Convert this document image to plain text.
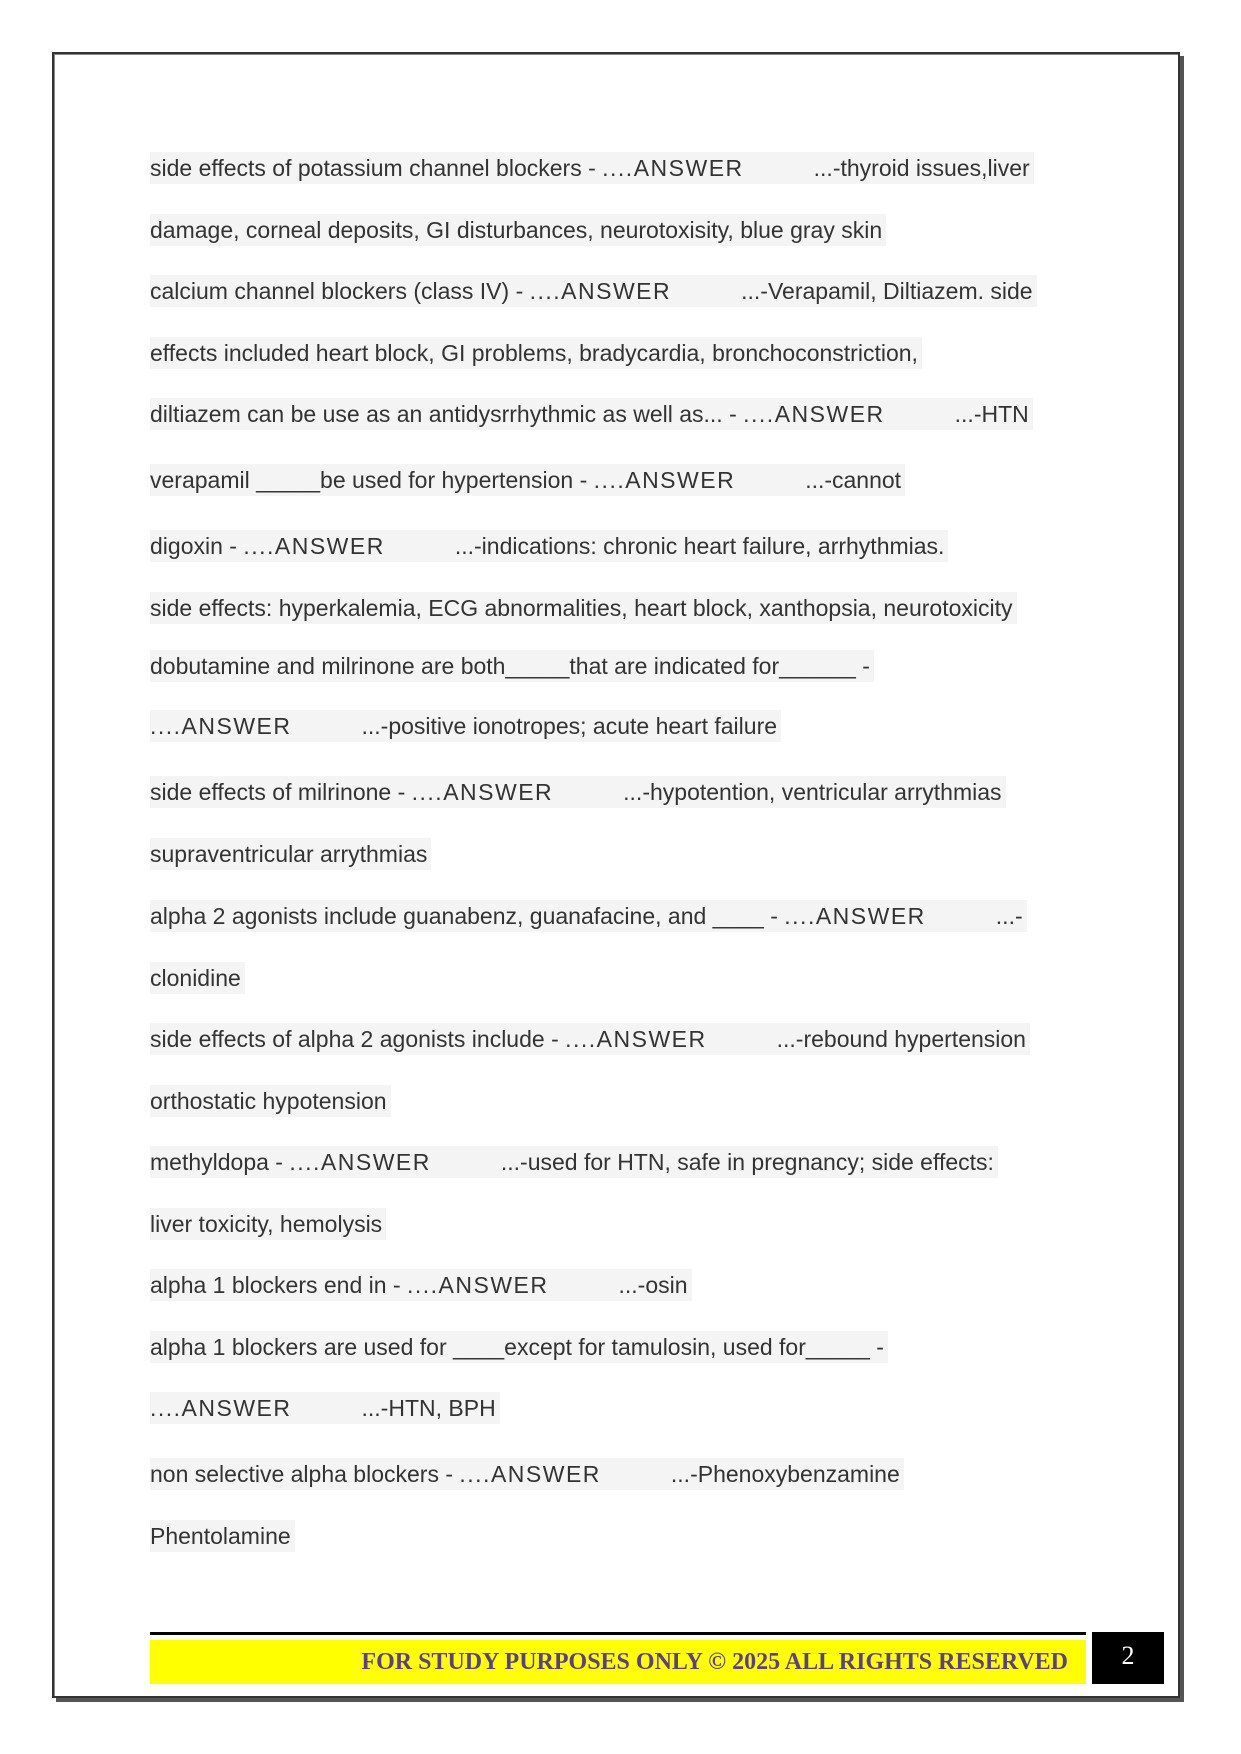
side effects of potassium channel blockers - ....ANSWER	...-thyroid issues,liver
damage, corneal deposits, GI disturbances, neurotoxisity, blue gray skin
calcium channel blockers (class IV) - ....ANSWER	...-Verapamil, Diltiazem. side
effects included heart block, GI problems, bradycardia, bronchoconstriction,
diltiazem can be use as an antidysrrhythmic as well as... - ....ANSWER	...-HTN
verapamil _____be used for hypertension - ....ANSWER	...-cannot
digoxin - ....ANSWER	...-indications: chronic heart failure, arrhythmias.
side effects: hyperkalemia, ECG abnormalities, heart block, xanthopsia, neurotoxicity
dobutamine and milrinone are both_____that are indicated for______ -
....ANSWER	...-positive ionotropes; acute heart failure
side effects of milrinone - ....ANSWER	...-hypotention, ventricular arrythmias
supraventricular arrythmias
alpha 2 agonists include guanabenz, guanafacine, and ____ - ....ANSWER	...-
clonidine
side effects of alpha 2 agonists include - ....ANSWER	...-rebound hypertension
orthostatic hypotension
methyldopa - ....ANSWER	...-used for HTN, safe in pregnancy; side effects:
liver toxicity, hemolysis
alpha 1 blockers end in - ....ANSWER	...-osin
alpha 1 blockers are used for ____except for tamulosin, used for_____ -
....ANSWER	...-HTN, BPH
non selective alpha blockers - ....ANSWER	...-Phenoxybenzamine
Phentolamine
FOR STUDY PURPOSES ONLY © 2025 ALL RIGHTS RESERVED	2
